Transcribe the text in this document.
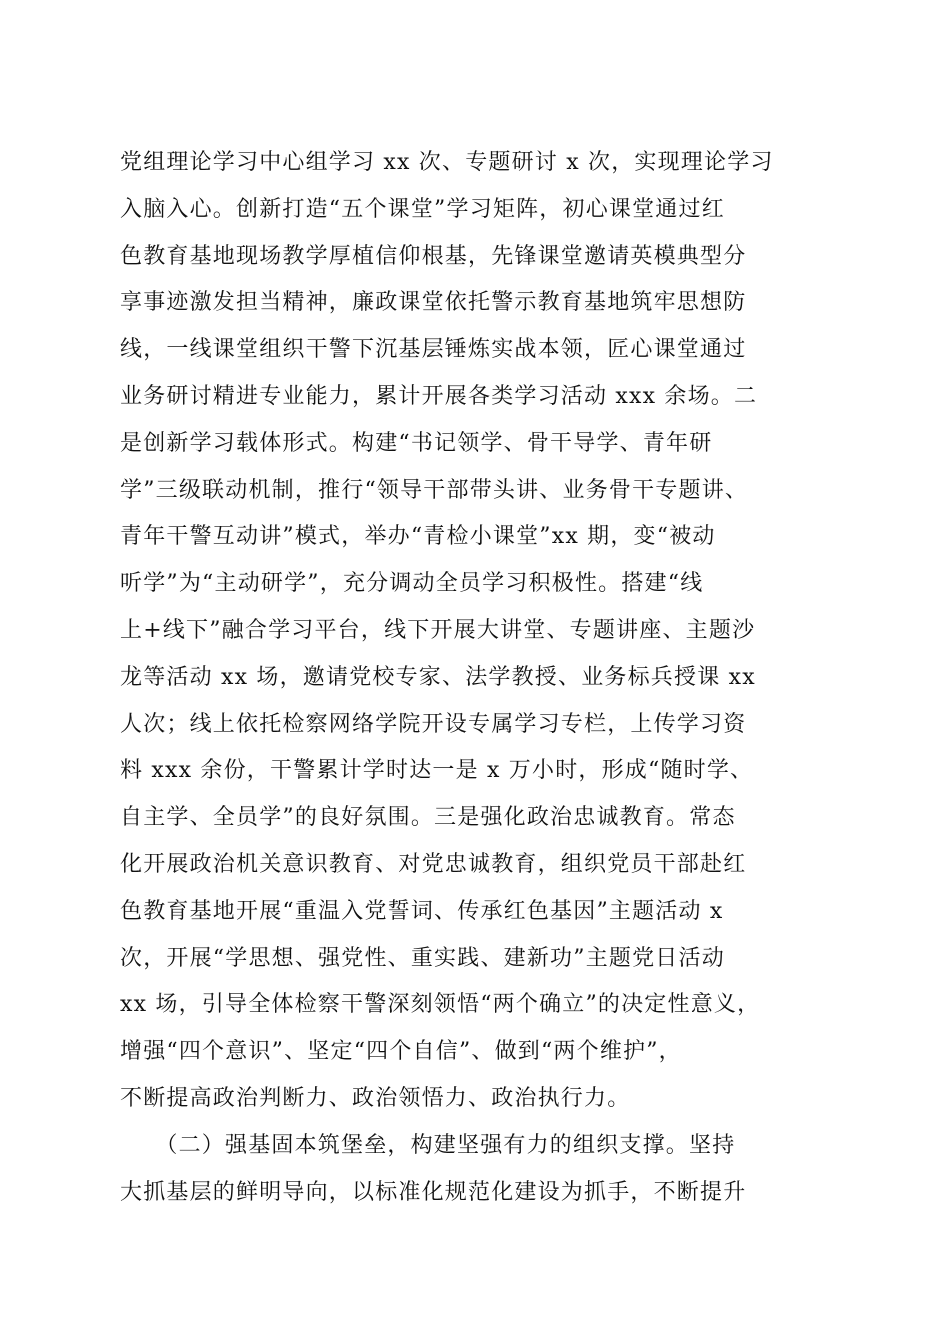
党组理论学习中心组学习 xx 次、专题研讨 x 次，实现理论学习
入脑入心。创新打造“五个课堂”学习矩阵，初心课堂通过红
色教育基地现场教学厚植信仰根基，先锋课堂邀请英模典型分
享事迹激发担当精神，廉政课堂依托警示教育基地筑牢思想防
线，一线课堂组织干警下沉基层锤炼实战本领，匠心课堂通过
业务研讨精进专业能力，累计开展各类学习活动 xxx 余场。二
是创新学习载体形式。构建“书记领学、骨干导学、青年研
学”三级联动机制，推行“领导干部带头讲、业务骨干专题讲、
青年干警互动讲”模式，举办“青检小课堂”xx 期，变“被动
听学”为“主动研学”，充分调动全员学习积极性。搭建“线
上+线下”融合学习平台，线下开展大讲堂、专题讲座、主题沙
龙等活动 xx 场，邀请党校专家、法学教授、业务标兵授课 xx
人次；线上依托检察网络学院开设专属学习专栏，上传学习资
料 xxx 余份，干警累计学时达一是 x 万小时，形成“随时学、
自主学、全员学”的良好氛围。三是强化政治忠诚教育。常态
化开展政治机关意识教育、对党忠诚教育，组织党员干部赴红
色教育基地开展“重温入党誓词、传承红色基因”主题活动 x
次，开展“学思想、强党性、重实践、建新功”主题党日活动
xx 场，引导全体检察干警深刻领悟“两个确立”的决定性意义，
增强“四个意识”、坚定“四个自信”、做到“两个维护”，
不断提高政治判断力、政治领悟力、政治执行力。
　　（二）强基固本筑堡垒，构建坚强有力的组织支撑。坚持
大抓基层的鲜明导向，以标准化规范化建设为抓手，不断提升
